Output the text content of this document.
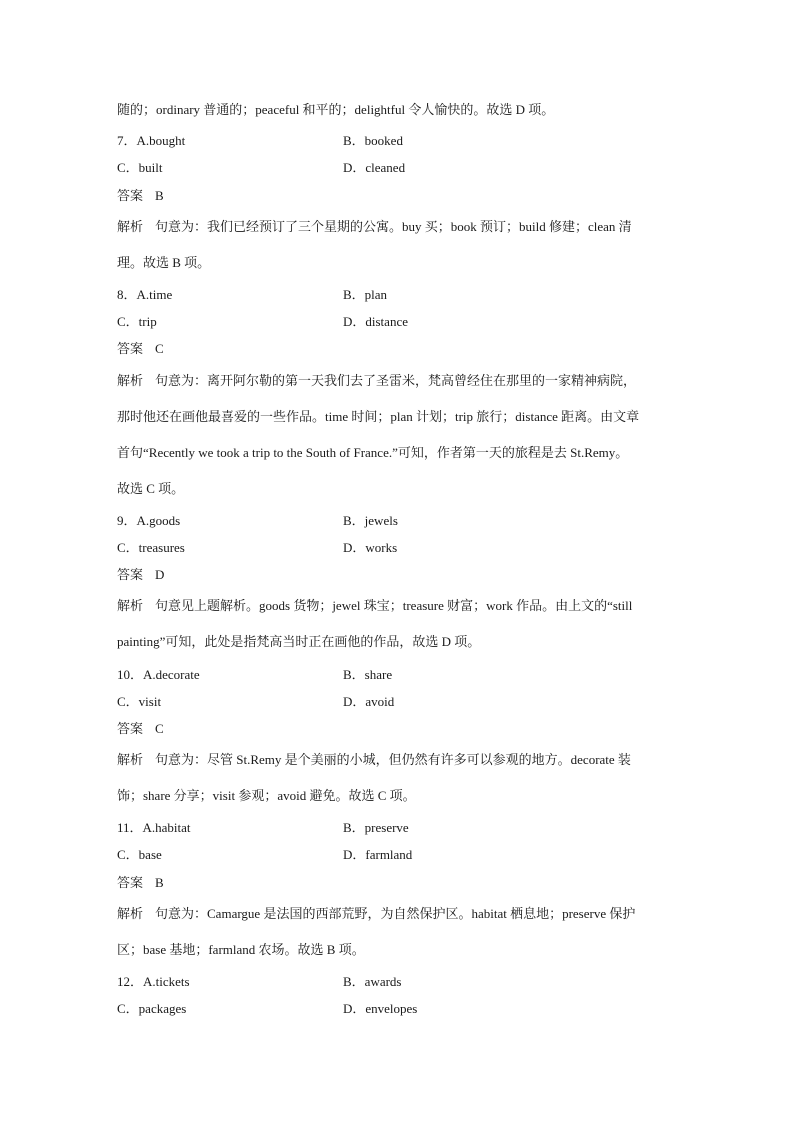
随的；ordinary 普通的；peaceful 和平的；delightful 令人愉快的。故选 D 项。
7．A.bought	B．booked
C．built	D．cleaned
答案 B
解析 句意为：我们已经预订了三个星期的公寓。buy 买；book 预订；build 修建；clean 清
理。故选 B 项。
8．A.time	B．plan
C．trip	D．distance
答案 C
解析 句意为：离开阿尔勒的第一天我们去了圣雷米，梵高曾经住在那里的一家精神病院，
那时他还在画他最喜爱的一些作品。time 时间；plan 计划；trip 旅行；distance 距离。由文章
首句“Recently we took a trip to the South of France.”可知，作者第一天的旅程是去 St.Remy。
故选 C 项。
9．A.goods	B．jewels
C．treasures	D．works
答案 D
解析 句意见上题解析。goods 货物；jewel 珠宝；treasure 财富；work 作品。由上文的“still
painting”可知，此处是指梵高当时正在画他的作品，故选 D 项。
10．A.decorate	B．share
C．visit	D．avoid
答案 C
解析 句意为：尽管 St.Remy 是个美丽的小城，但仍然有许多可以参观的地方。decorate 装
饰；share 分享；visit 参观；avoid 避免。故选 C 项。
11．A.habitat	B．preserve
C．base	D．farmland
答案 B
解析 句意为：Camargue 是法国的西部荒野，为自然保护区。habitat 栖息地；preserve 保护
区；base 基地；farmland 农场。故选 B 项。
12．A.tickets	B．awards
C．packages	D．envelopes
